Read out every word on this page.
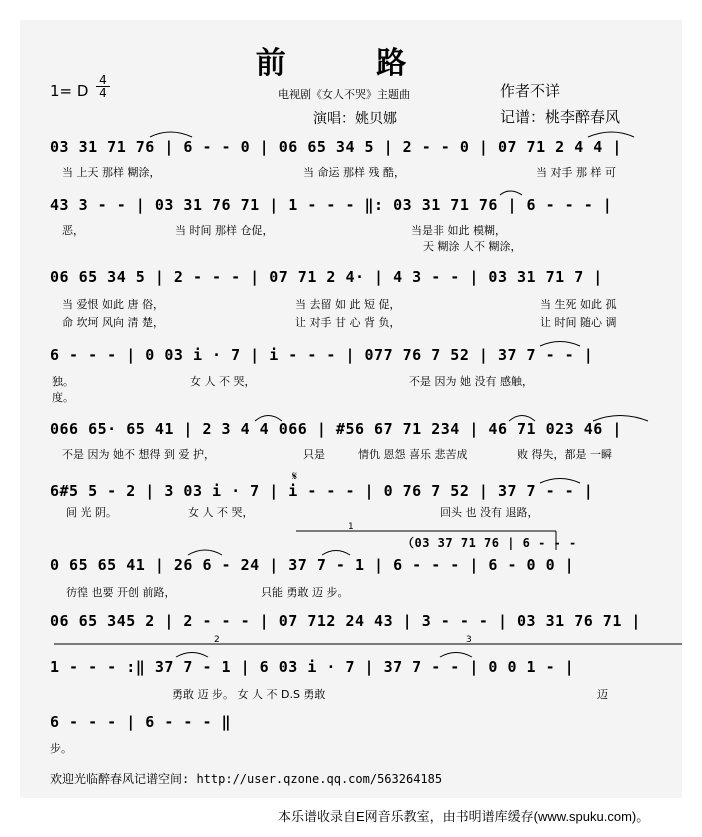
前 路
1= D
4
4	电视剧《女人不哭》主题曲	作者不详
演唱：姚贝娜	记谱：桃李醉春风
03 31 71 76 | 6 - - 0 | 06 65 34 5 | 2 - - 0 | 07 71 2 4 4 |
当 上天 那样 糊涂，	当 命运 那样 残 酷，	当 对手 那 样 可
43 3 - - | 03 31 76 71 | 1 - - - ‖: 03 31 71 76 | 6 - - - |
恶，	当 时间 那样 仓促，	当是非 如此 模糊，
天 糊涂 人不 糊涂，
06 65 34 5 | 2 - - - | 07 71 2 4· | 4 3 - - | 03 31 71 7 |
当 爱恨 如此 唐 俗，	当 去留 如 此 短 促，	当 生死 如此 孤
命 坎坷 风向 清 楚，	让 对手 甘 心 背 负，	让 时间 随心 调
6 - - - | 0 03 i · 7 | i - - - | 077 76 7 52 | 37 7 - - |
独。	女 人 不 哭，	不是 因为 她 没有 感触，
度。
066 65· 65 41 | 2 3 4 4 066 | #56 67 71 234 | 46 71 023 46 |
不是 因为 她不 想得 到 爱 护，	只是	情仇 恩怨 喜乐 悲苦成	败 得失，都是 一瞬
6#5 5 - 2 | 3 03 i · 7 | i - - - | 0 76 7 52 | 37 7 - - |
间 光 阴。	女 人 不 哭，	回头 也 没有 退路，
（03 37 71 76 | 6 - - -
0 65 65 41 | 26 6 - 24 | 37 7 - 1 | 6 - - - | 6 - 0 0 |
彷徨 也要 开创 前路，	只能 勇敢 迈 步。
06 65 345 2 | 2 - - - | 07 712 24 43 | 3 - - - | 03 31 76 71 |
1 - - - :‖ 37 7 - 1 | 6 03 i · 7 | 37 7 - - | 0 0 1 - |
勇敢 迈 步。 女 人 不 D.S 勇敢	迈
6 - - - | 6 - - - ‖
步。
欢迎光临醉春风记谱空间: http://user.qzone.qq.com/563264185
本乐谱收录自E网音乐教室，由书明谱库缓存(www.spuku.com)。
1
2	3
𝄋
